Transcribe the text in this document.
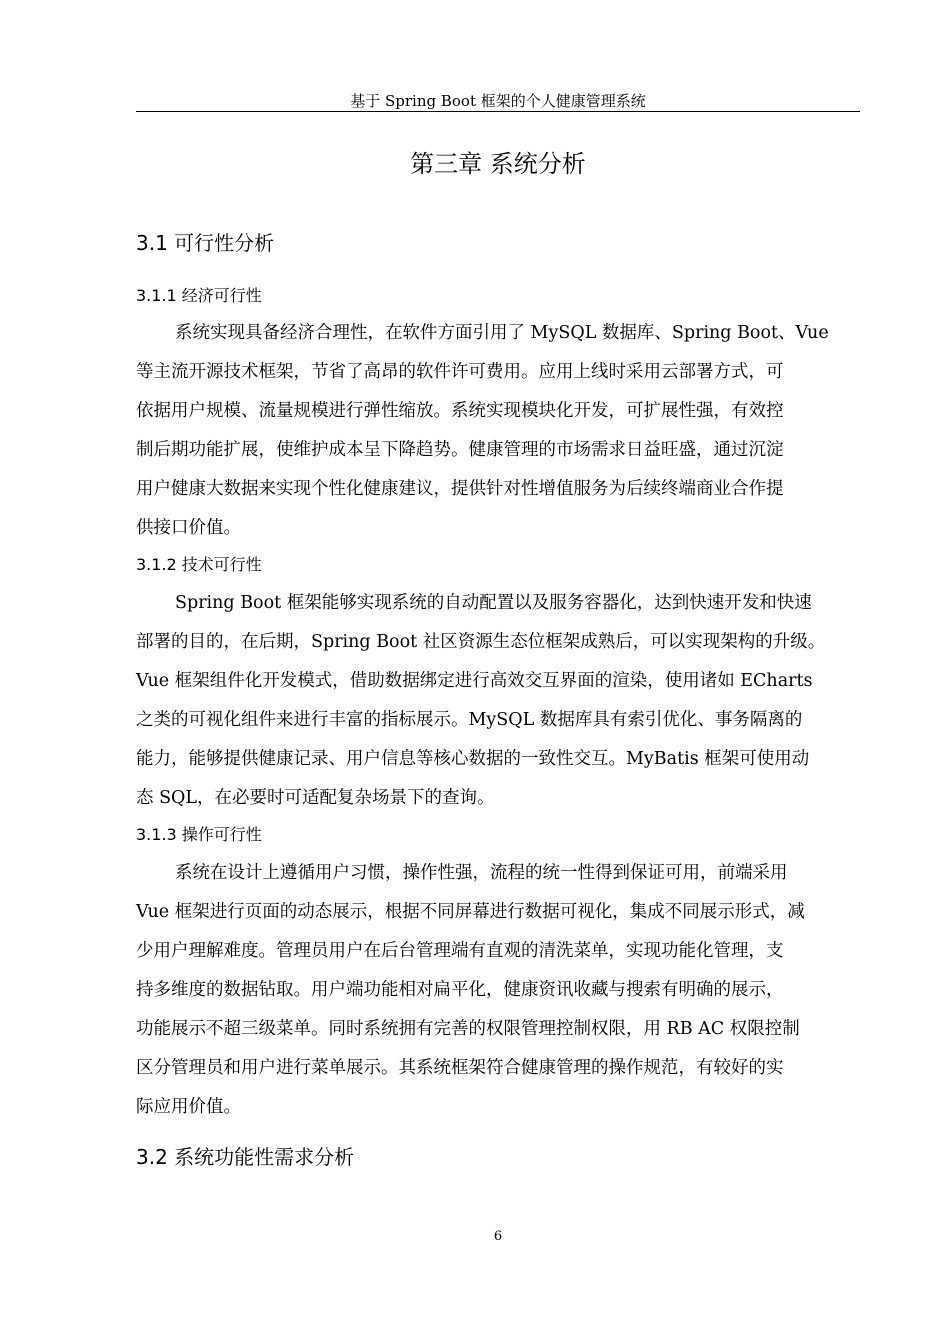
基于 Spring Boot 框架的个人健康管理系统
第三章 系统分析
3.1 可行性分析
3.1.1 经济可行性
系统实现具备经济合理性，在软件方面引用了 MySQL 数据库、Spring Boot、Vue
等主流开源技术框架，节省了高昂的软件许可费用。应用上线时采用云部署方式，可
依据用户规模、流量规模进行弹性缩放。系统实现模块化开发，可扩展性强，有效控
制后期功能扩展，使维护成本呈下降趋势。健康管理的市场需求日益旺盛，通过沉淀
用户健康大数据来实现个性化健康建议，提供针对性增值服务为后续终端商业合作提
供接口价值。
3.1.2 技术可行性
Spring Boot 框架能够实现系统的自动配置以及服务容器化，达到快速开发和快速
部署的目的，在后期，Spring Boot 社区资源生态位框架成熟后，可以实现架构的升级。
Vue 框架组件化开发模式，借助数据绑定进行高效交互界面的渲染，使用诸如 ECharts
之类的可视化组件来进行丰富的指标展示。MySQL 数据库具有索引优化、事务隔离的
能力，能够提供健康记录、用户信息等核心数据的一致性交互。MyBatis 框架可使用动
态 SQL，在必要时可适配复杂场景下的查询。
3.1.3 操作可行性
系统在设计上遵循用户习惯，操作性强，流程的统一性得到保证可用，前端采用
Vue 框架进行页面的动态展示，根据不同屏幕进行数据可视化，集成不同展示形式，减
少用户理解难度。管理员用户在后台管理端有直观的清洗菜单，实现功能化管理，支
持多维度的数据钻取。用户端功能相对扁平化，健康资讯收藏与搜索有明确的展示，
功能展示不超三级菜单。同时系统拥有完善的权限管理控制权限，用 RB AC 权限控制
区分管理员和用户进行菜单展示。其系统框架符合健康管理的操作规范，有较好的实
际应用价值。
3.2 系统功能性需求分析
6
